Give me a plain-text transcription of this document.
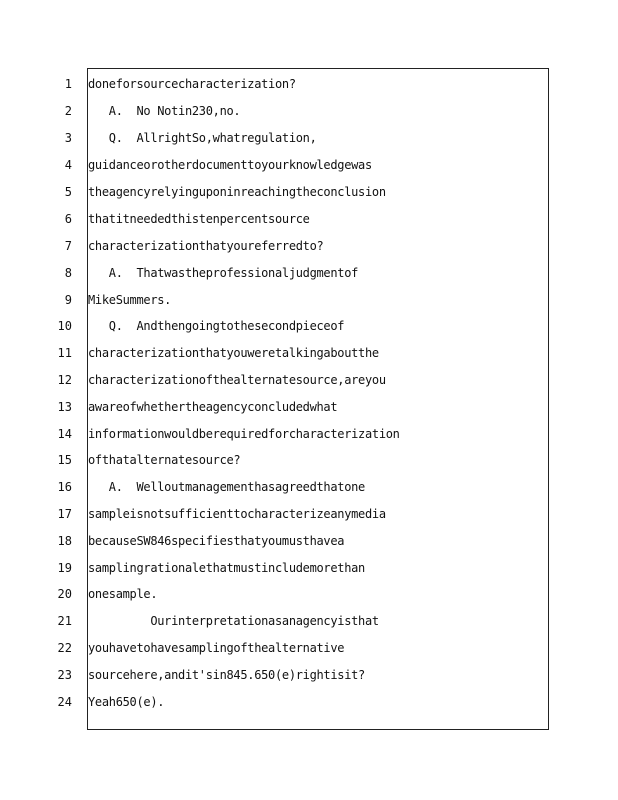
1 doneforsourcecharacterization?
2 A.  No Notin230,no.
3 Q.  AllrightSo,whatregulation,
4 guidanceorotherdocumenttoyourknowledgewas
5 theagencyrelyinguponinreachingtheconclusion
6 thatitneededthistenpercentsource
7 characterizationthatyoureferredto?
8 A.  Thatwastheprofessionaljudgmentof
9 MikeSummers.
10 Q.  Andthengoingtothesecondpieceof
11 characterizationthatyouweretalkingaboutthe
12 characterizationofthealternatesource,areyou
13 awareofwhethertheagencyconcludedwhat
14 informationwouldberequiredforcharacterization
15 ofthatalternatesource?
16 A.  Welloutmanagementhasagreedthatone
17 sampleisnotsufficienttocharacterizeanymedia
18 becauseSW846specifiesthatyoumusthavea
19 samplingrationalethatmustincludemorethan
20 onesample.
21 Ourinterpretationasanagencyisthat
22 youhavetohavesamplingofthealternative
23 sourcehere,andit'sin845.650(e)rightisit?
24 Yeah650(e).
